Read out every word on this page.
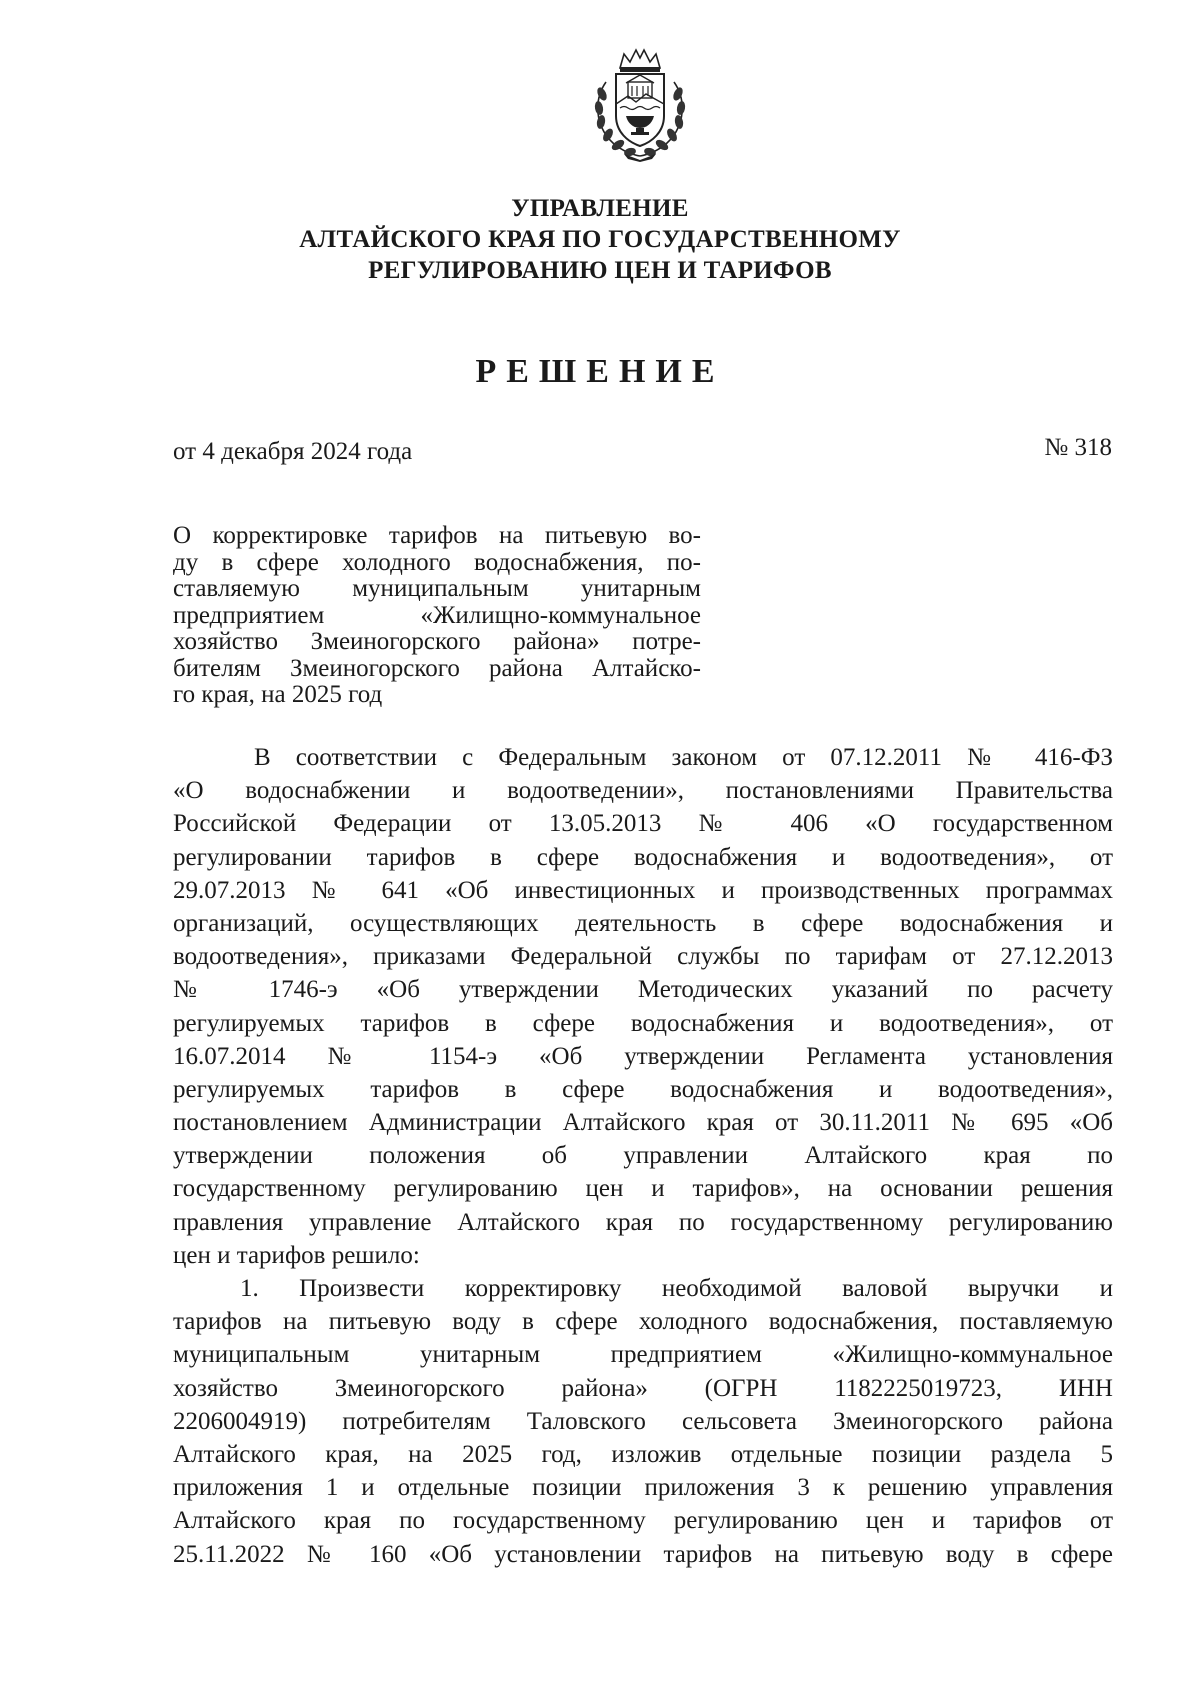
УПРАВЛЕНИЕ
АЛТАЙСКОГО КРАЯ ПО ГОСУДАРСТВЕННОМУ
РЕГУЛИРОВАНИЮ ЦЕН И ТАРИФОВ
РЕШЕНИЕ
от 4 декабря 2024 года	№ 318
О корректировке тарифов на питьевую во-
ду в сфере холодного водоснабжения, по-
ставляемую муниципальным унитарным
предприятием «Жилищно-коммунальное
хозяйство Змеиногорского района» потре-
бителям Змеиногорского района Алтайско-
го края, на 2025 год
В соответствии с Федеральным законом от 07.12.2011 № 416-ФЗ
«О водоснабжении и водоотведении», постановлениями Правительства
Российской Федерации от 13.05.2013 № 406 «О государственном
регулировании тарифов в сфере водоснабжения и водоотведения», от
29.07.2013 № 641 «Об инвестиционных и производственных программах
организаций, осуществляющих деятельность в сфере водоснабжения и
водоотведения», приказами Федеральной службы по тарифам от 27.12.2013
№ 1746-э «Об утверждении Методических указаний по расчету
регулируемых тарифов в сфере водоснабжения и водоотведения», от
16.07.2014 № 1154-э «Об утверждении Регламента установления
регулируемых тарифов в сфере водоснабжения и водоотведения»,
постановлением Администрации Алтайского края от 30.11.2011 № 695 «Об
утверждении положения об управлении Алтайского края по
государственному регулированию цен и тарифов», на основании решения
правления управление Алтайского края по государственному регулированию
цен и тарифов решило:
1. Произвести корректировку необходимой валовой выручки и
тарифов на питьевую воду в сфере холодного водоснабжения, поставляемую
муниципальным унитарным предприятием «Жилищно-коммунальное
хозяйство Змеиногорского района» (ОГРН 1182225019723, ИНН
2206004919) потребителям Таловского сельсовета Змеиногорского района
Алтайского края, на 2025 год, изложив отдельные позиции раздела 5
приложения 1 и отдельные позиции приложения 3 к решению управления
Алтайского края по государственному регулированию цен и тарифов от
25.11.2022 № 160 «Об установлении тарифов на питьевую воду в сфере
